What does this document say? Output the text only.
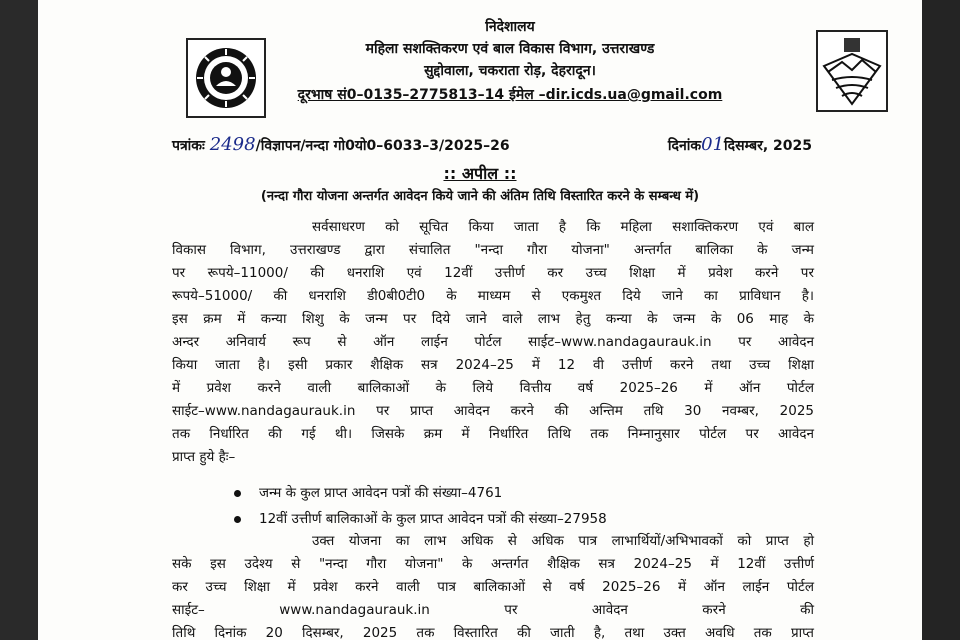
निदेशालय
महिला सशक्तिकरण एवं बाल विकास विभाग, उत्तराखण्ड
सुद्दोवाला, चकराता रोड़, देहरादून।
दूरभाष सं0–0135–2775813–14 ईमेल –dir.icds.ua@gmail.com
पत्रांकः 2498/विज्ञापन/नन्दा गो0यो0–6033–3/2025–26	दिनांक01दिसम्बर, 2025
:: अपील ::
(नन्दा गौरा योजना अन्तर्गत आवेदन किये जाने की अंतिम तिथि विस्तारित करने के सम्बन्ध में)
सर्वसाधरण को सूचित किया जाता है कि महिला सशाक्तिकरण एवं बाल
विकास विभाग, उत्तराखण्ड द्वारा संचालित "नन्दा गौरा योजना" अन्तर्गत बालिका के जन्म
पर रूपये–11000/ की धनराशि एवं 12वीं उत्तीर्ण कर उच्च शिक्षा में प्रवेश करने पर
रूपये–51000/ की धनराशि डी0बी0टी0 के माध्यम से एकमुश्त दिये जाने का प्राविधान है।
इस क्रम में कन्या शिशु के जन्म पर दिये जाने वाले लाभ हेतु कन्या के जन्म के 06 माह के
अन्दर अनिवार्य रूप से ऑन लाईन पोर्टल साईट–www.nandagaurauk.in पर आवेदन
किया जाता है। इसी प्रकार शैक्षिक सत्र 2024–25 में 12 वी उत्तीर्ण करने तथा उच्च शिक्षा
में प्रवेश करने वाली बालिकाओं के लिये वित्तीय वर्ष 2025–26 में ऑन पोर्टल
साईट–www.nandagaurauk.in पर प्राप्त आवेदन करने की अन्तिम तथि 30 नवम्बर, 2025
तक निर्धारित की गई थी। जिसके क्रम में निर्धारित तिथि तक निम्नानुसार पोर्टल पर आवेदन
प्राप्त हुये हैः–
जन्म के कुल प्राप्त आवेदन पत्रों की संख्या–4761
12वीं उत्तीर्ण बालिकाओं के कुल प्राप्त आवेदन पत्रों की संख्या–27958
उक्त योजना का लाभ अधिक से अधिक पात्र लाभार्थियों/अभिभावकों को प्राप्त हो
सके इस उदेश्य से "नन्दा गौरा योजना" के अन्तर्गत शैक्षिक सत्र 2024–25 में 12वीं उत्तीर्ण
कर उच्च शिक्षा में प्रवेश करने वाली पात्र बालिकाओं से वर्ष 2025–26 में ऑन लाईन पोर्टल
साईट– www.nandagaurauk.in पर आवेदन करने की
तिथि दिनांक 20 दिसम्बर, 2025 तक विस्तारित की जाती है, तथा उक्त अवधि तक प्राप्त
